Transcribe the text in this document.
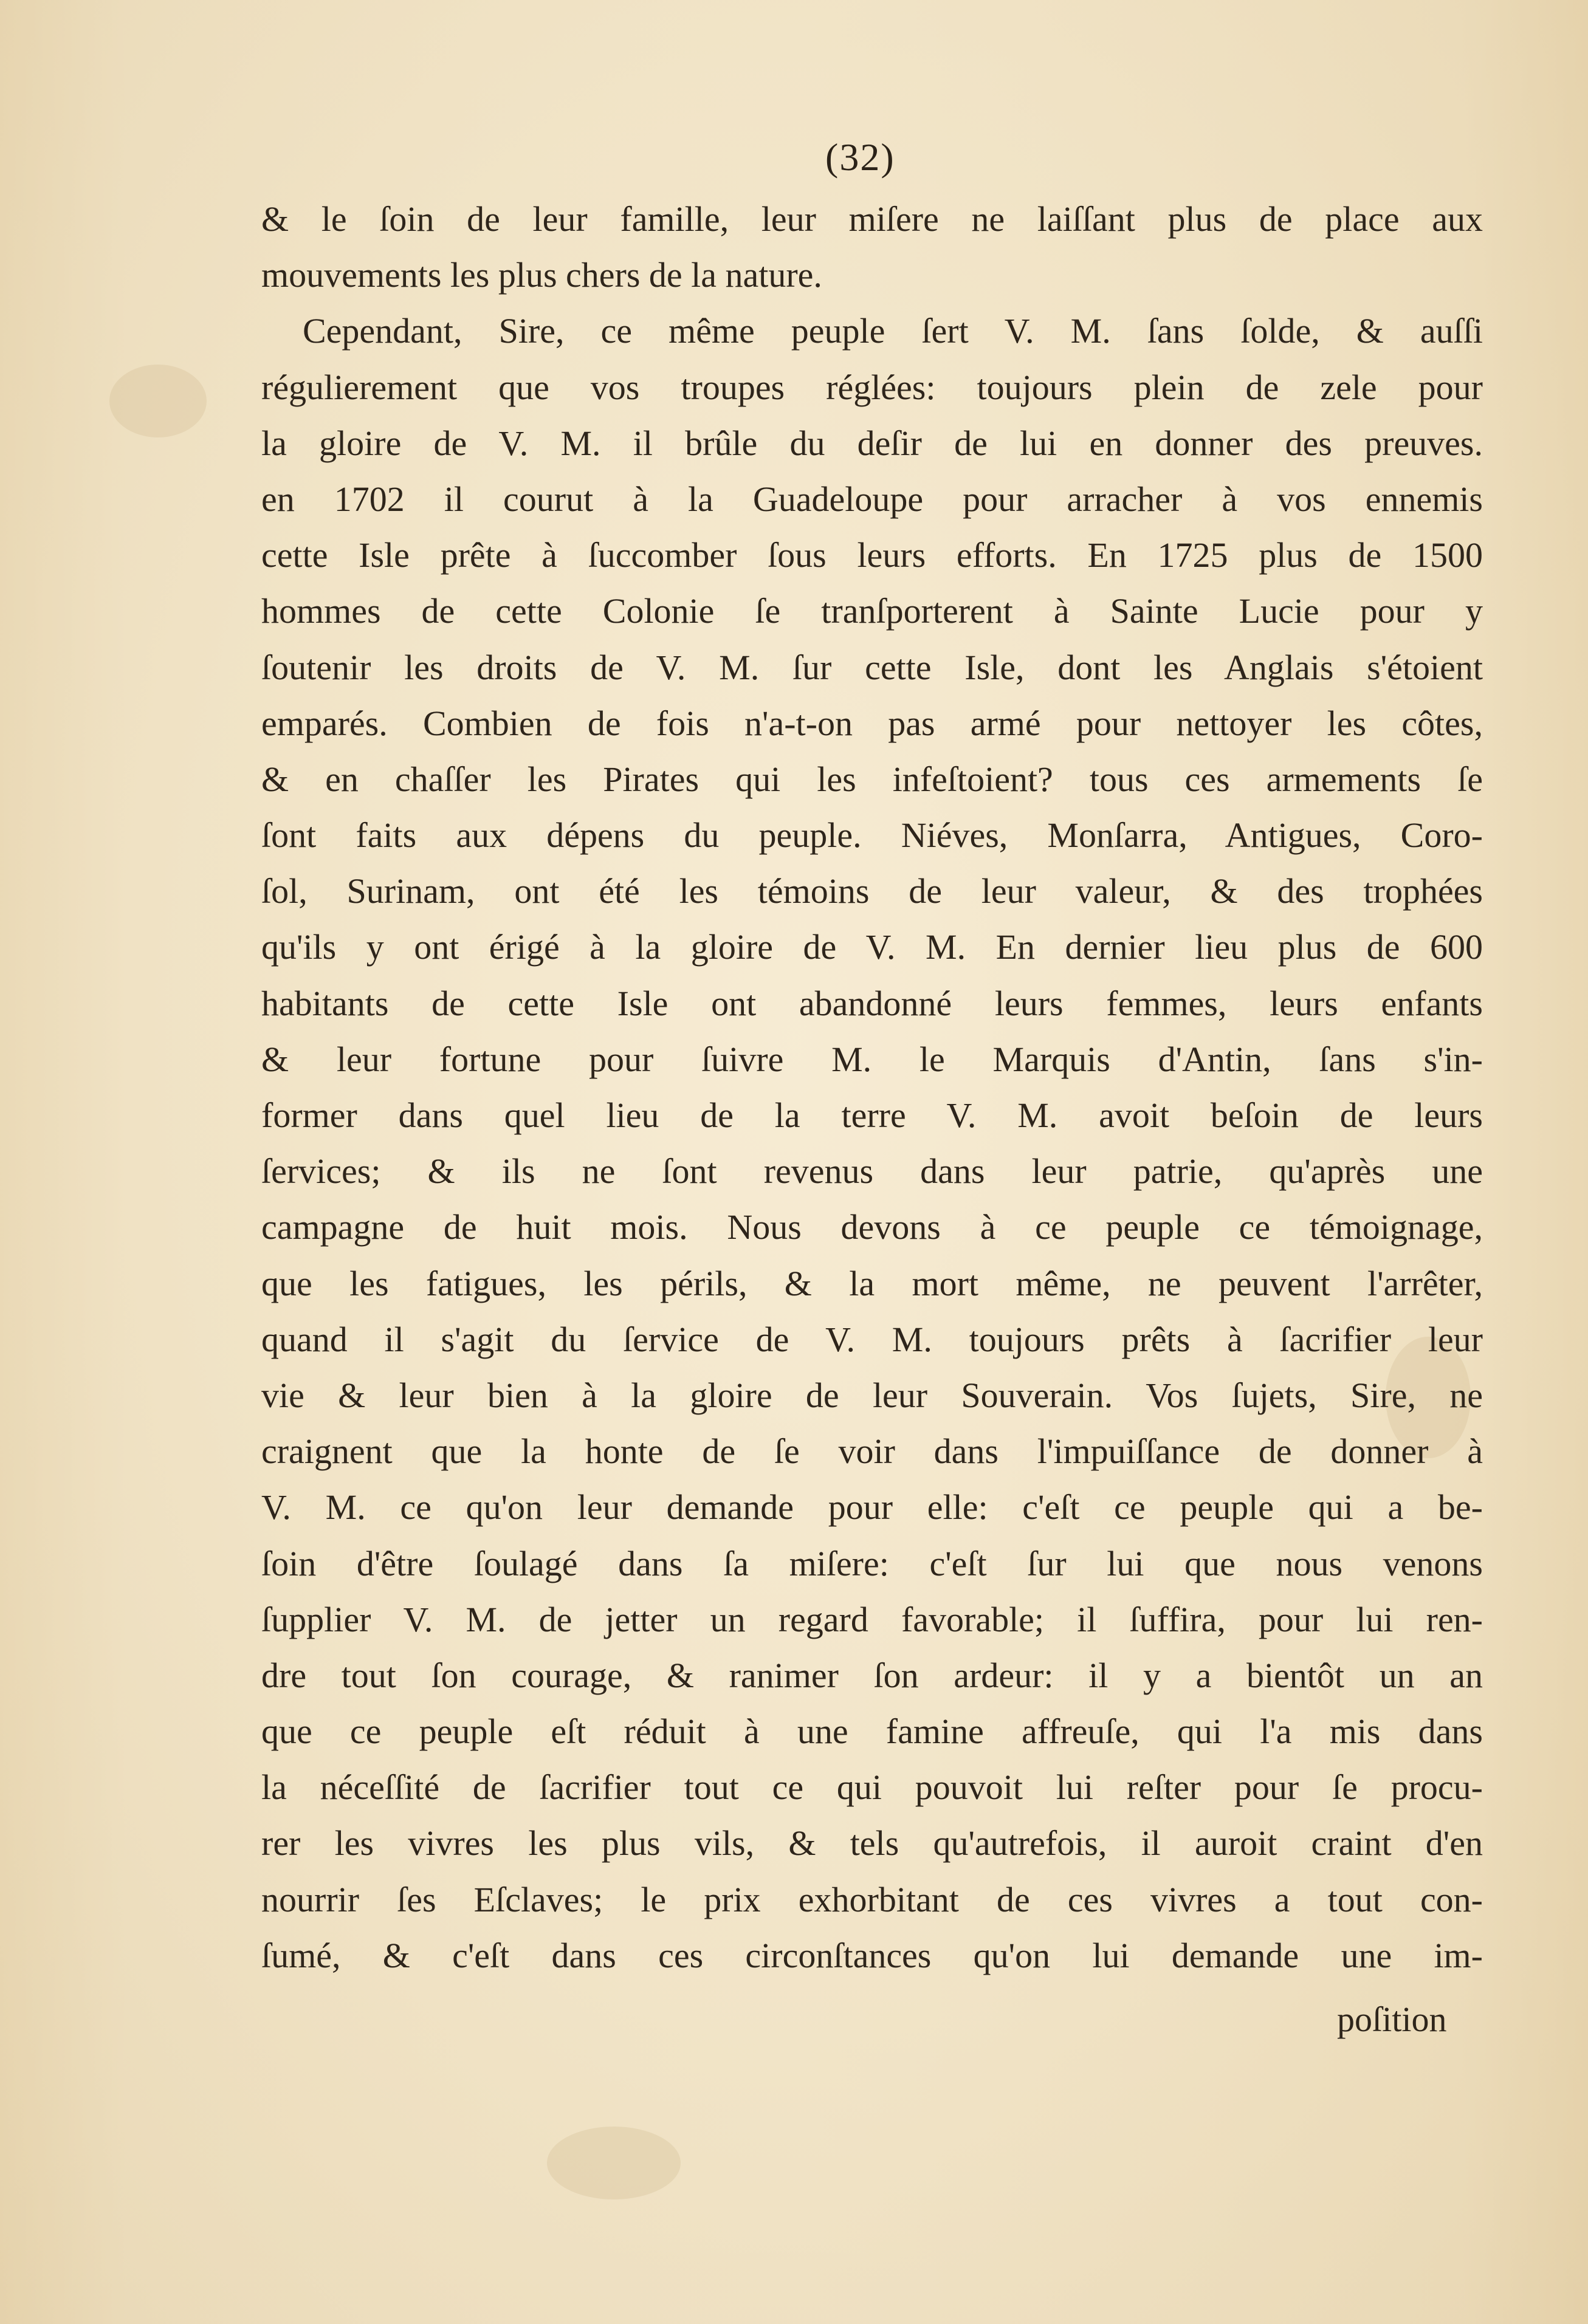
(32)
& le ſoin de leur famille, leur miſere ne laiſſant plus de place aux
mouvements les plus chers de la nature.
Cependant, Sire, ce même peuple ſert V. M. ſans ſolde, & auſſi
régulierement que vos troupes réglées: toujours plein de zele pour
la gloire de V. M. il brûle du deſir de lui en donner des preuves.
en 1702 il courut à la Guadeloupe pour arracher à vos ennemis
cette Isle prête à ſuccomber ſous leurs efforts. En 1725 plus de 1500
hommes de cette Colonie ſe tranſporterent à Sainte Lucie pour y
ſoutenir les droits de V. M. ſur cette Isle, dont les Anglais s'étoient
emparés. Combien de fois n'a-t-on pas armé pour nettoyer les côtes,
& en chaſſer les Pirates qui les infeſtoient? tous ces armements ſe
ſont faits aux dépens du peuple. Niéves, Monſarra, Antigues, Coro-
ſol, Surinam, ont été les témoins de leur valeur, & des trophées
qu'ils y ont érigé à la gloire de V. M. En dernier lieu plus de 600
habitants de cette Isle ont abandonné leurs femmes, leurs enfants
& leur fortune pour ſuivre M. le Marquis d'Antin, ſans s'in-
former dans quel lieu de la terre V. M. avoit beſoin de leurs
ſervices; & ils ne ſont revenus dans leur patrie, qu'après une
campagne de huit mois. Nous devons à ce peuple ce témoignage,
que les fatigues, les périls, & la mort même, ne peuvent l'arrêter,
quand il s'agit du ſervice de V. M. toujours prêts à ſacrifier leur
vie & leur bien à la gloire de leur Souverain. Vos ſujets, Sire, ne
craignent que la honte de ſe voir dans l'impuiſſance de donner à
V. M. ce qu'on leur demande pour elle: c'eſt ce peuple qui a be-
ſoin d'être ſoulagé dans ſa miſere: c'eſt ſur lui que nous venons
ſupplier V. M. de jetter un regard favorable; il ſuffira, pour lui ren-
dre tout ſon courage, & ranimer ſon ardeur: il y a bientôt un an
que ce peuple eſt réduit à une famine affreuſe, qui l'a mis dans
la néceſſité de ſacrifier tout ce qui pouvoit lui reſter pour ſe procu-
rer les vivres les plus vils, & tels qu'autrefois, il auroit craint d'en
nourrir ſes Eſclaves; le prix exhorbitant de ces vivres a tout con-
ſumé, & c'eſt dans ces circonſtances qu'on lui demande une im-
poſition
